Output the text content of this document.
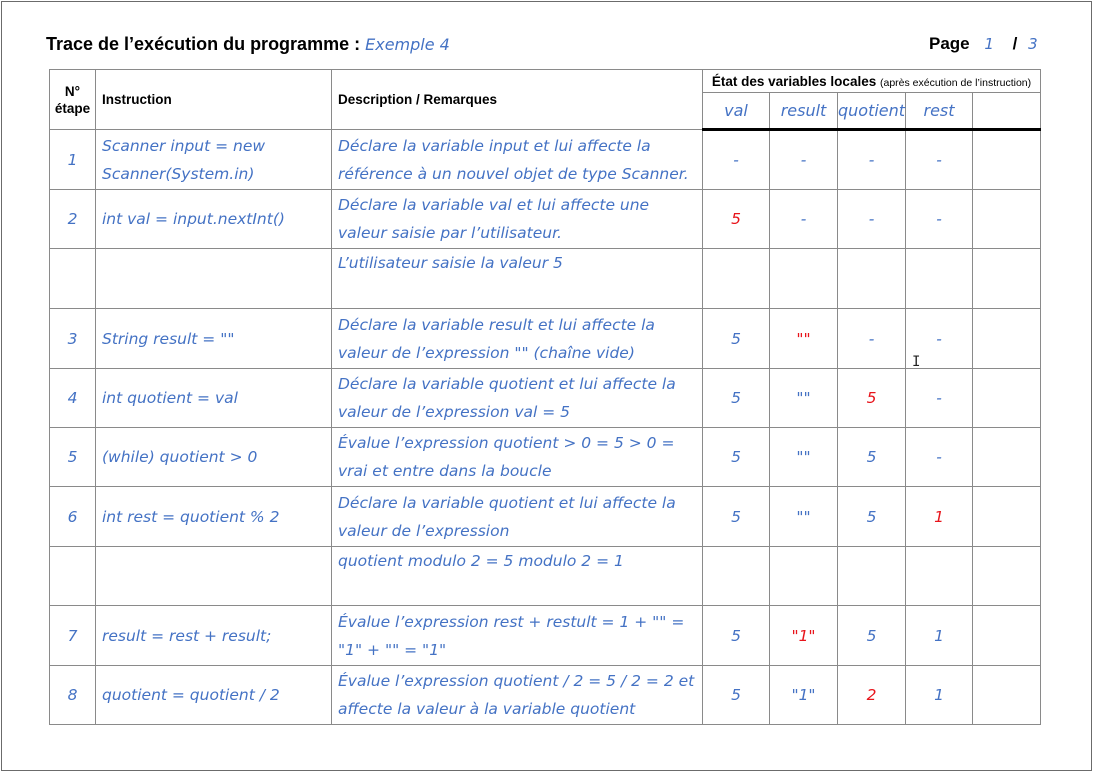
Trace de l’exécution du programme : Exemple 4	Page 1 / 3
N°
étape	Instruction	Description / Remarques	État des variables locales (après exécution de l’instruction)				
			val	result	quotient	rest	
1	Scanner input = new Scanner(System.in)	Déclare la variable input et lui affecte la référence à un nouvel objet de type Scanner.	-	-	-	-	
2	int val = input.nextInt()	Déclare la variable val et lui affecte une valeur saisie par l’utilisateur.	5	-	-	-	
		L’utilisateur saisie la valeur 5					
3	String result = ""	Déclare la variable result et lui affecte la valeur de l’expression "" (chaîne vide)	5	""	-	-	
4	int quotient = val	Déclare la variable quotient et lui affecte la valeur de l’expression val = 5	5	""	5	-	
5	(while) quotient > 0	Évalue l’expression quotient > 0 = 5 > 0 = vrai et entre dans la boucle	5	""	5	-	
6	int rest = quotient % 2	Déclare la variable quotient et lui affecte la valeur de l’expression	5	""	5	1	
		quotient modulo 2 = 5 modulo 2 = 1					
7	result = rest + result;	Évalue l’expression rest + restult = 1 + "" = "1" + "" = "1"	5	"1"	5	1	
8	quotient = quotient / 2	Évalue l’expression quotient / 2 = 5 / 2 = 2 et affecte la valeur à la variable quotient	5	"1"	2	1	
I
